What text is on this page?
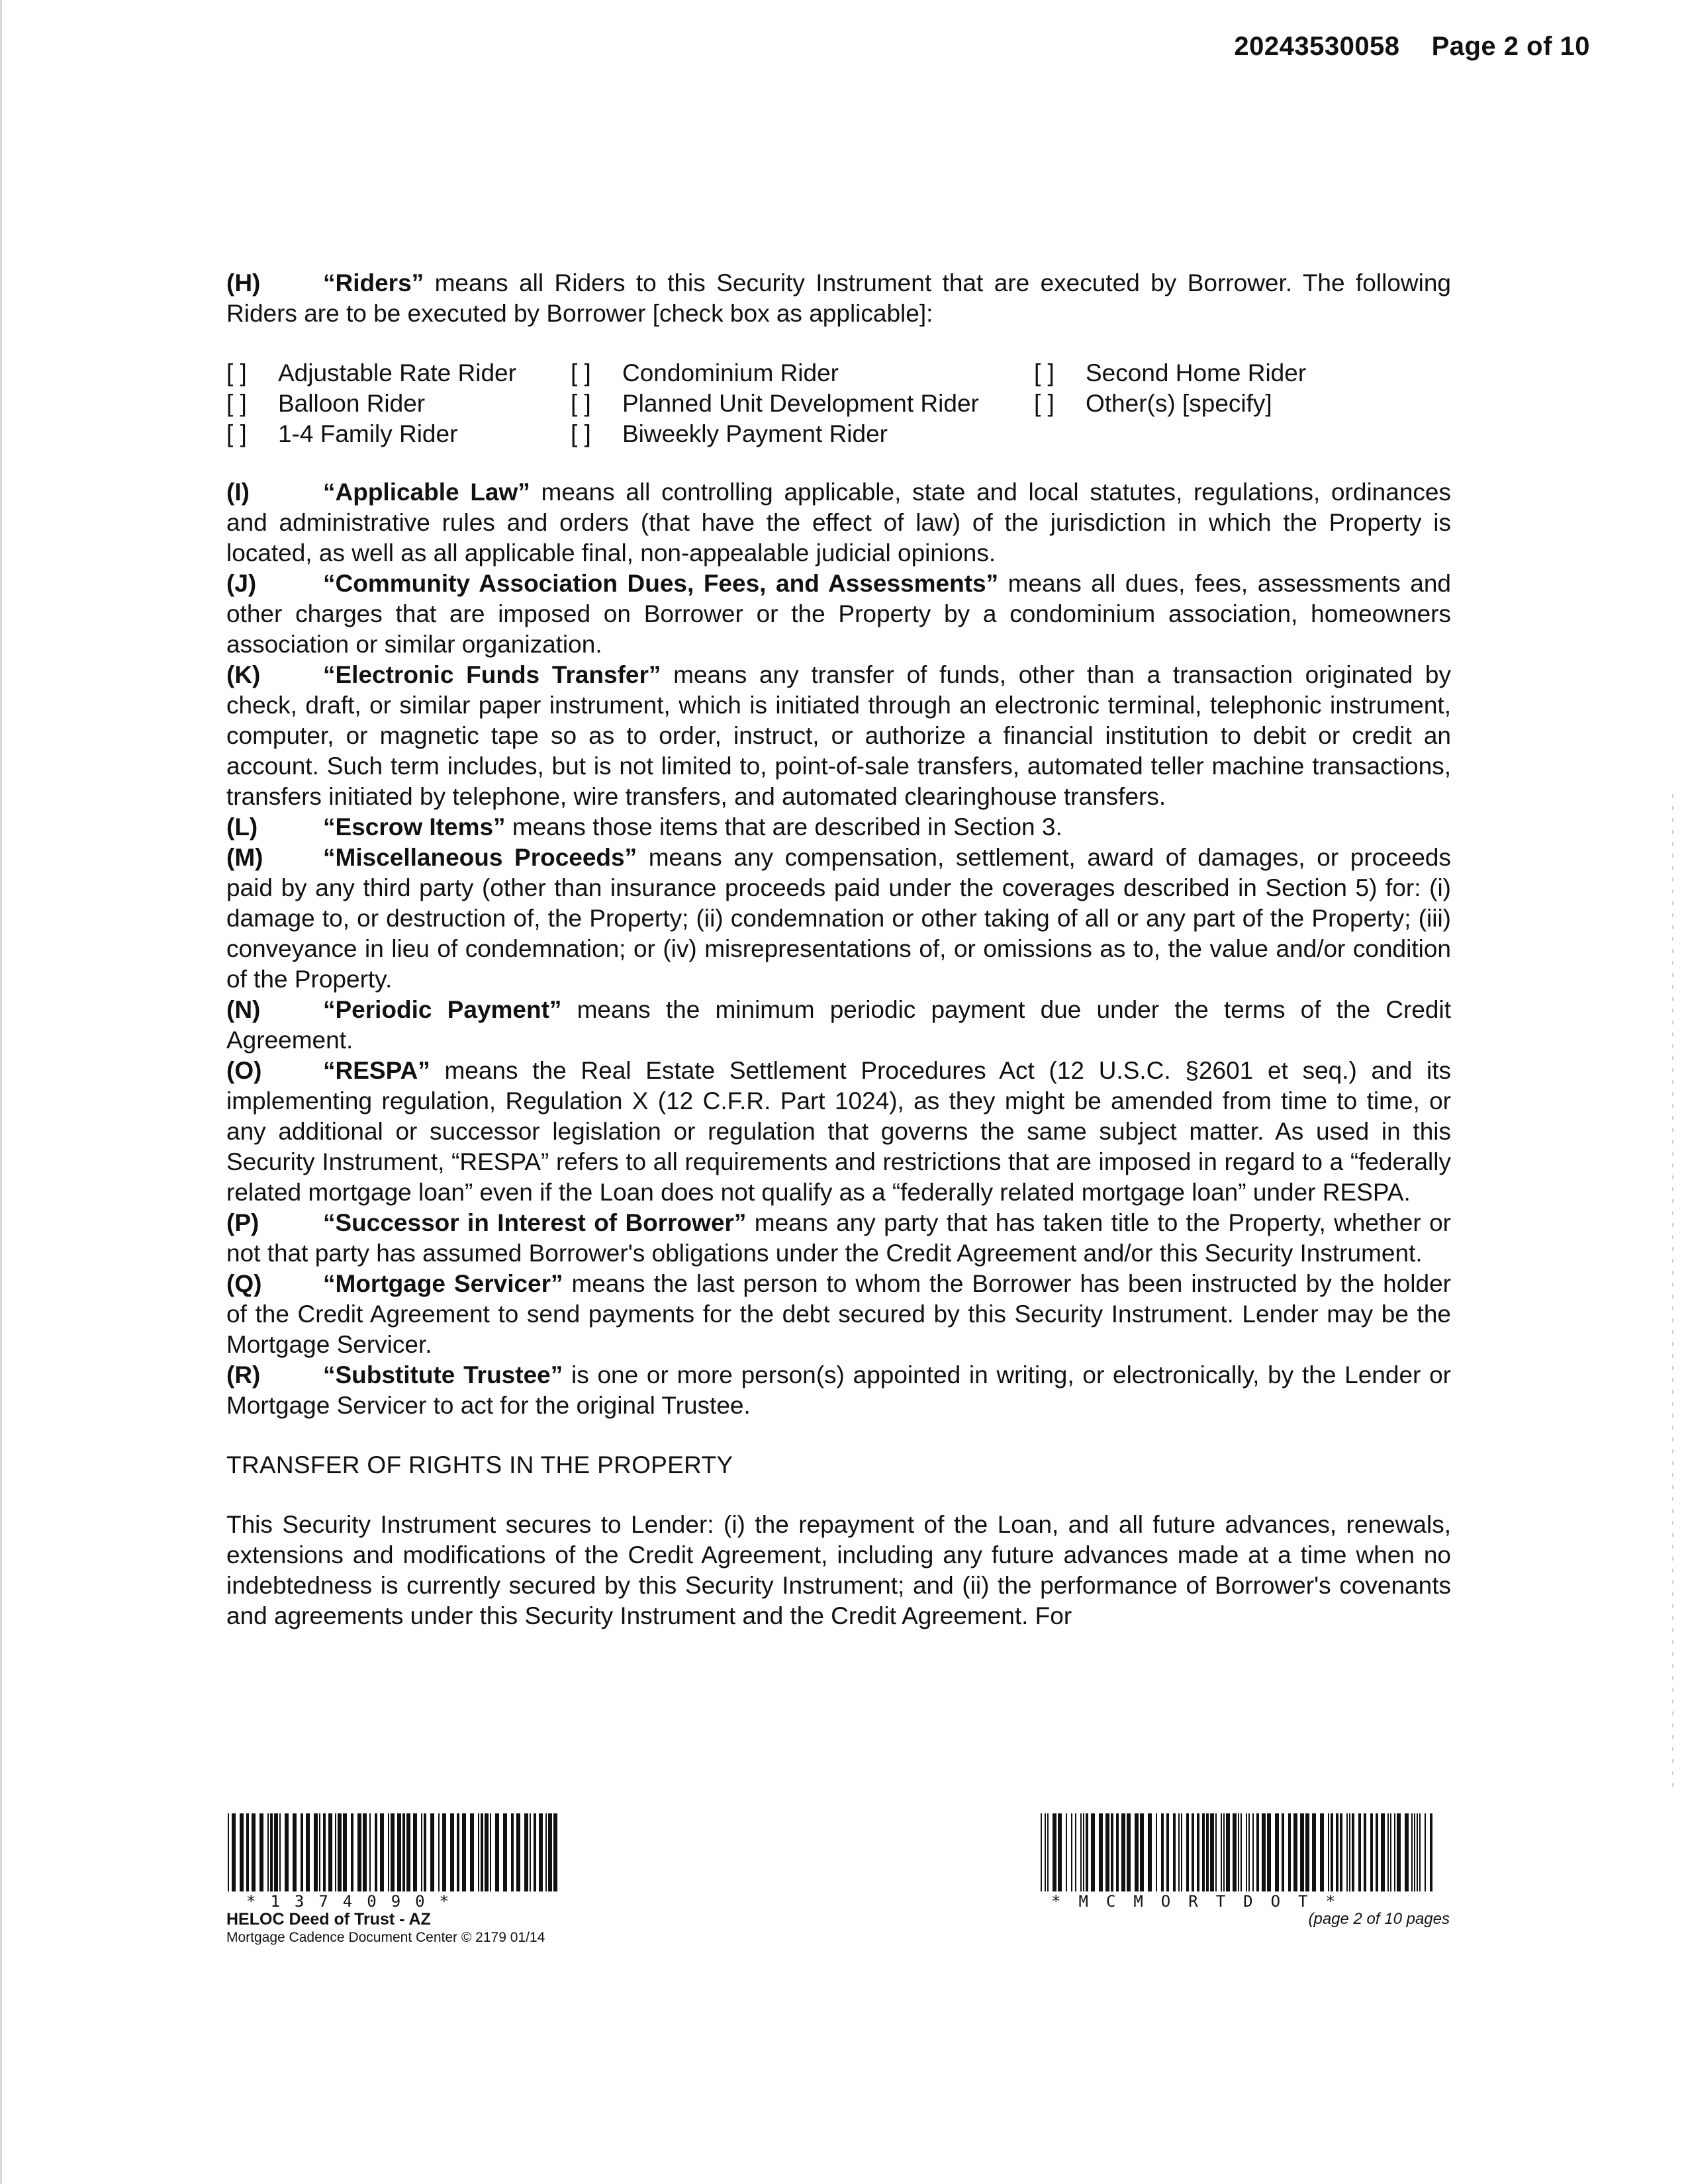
20243530058 Page 2 of 10

(H)	“Riders” means all Riders to this Security Instrument that are executed by Borrower. The following Riders are to be executed by Borrower [check box as applicable]:

[ ] Adjustable Rate Rider	[ ] Condominium Rider	[ ] Second Home Rider
[ ] Balloon Rider	[ ] Planned Unit Development Rider	[ ] Other(s) [specify]
[ ] 1-4 Family Rider	[ ] Biweekly Payment Rider

(I)	“Applicable Law” means all controlling applicable, state and local statutes, regulations, ordinances and administrative rules and orders (that have the effect of law) of the jurisdiction in which the Property is located, as well as all applicable final, non-appealable judicial opinions.

(J)	“Community Association Dues, Fees, and Assessments” means all dues, fees, assessments and other charges that are imposed on Borrower or the Property by a condominium association, homeowners association or similar organization.

(K)	“Electronic Funds Transfer” means any transfer of funds, other than a transaction originated by check, draft, or similar paper instrument, which is initiated through an electronic terminal, telephonic instrument, computer, or magnetic tape so as to order, instruct, or authorize a financial institution to debit or credit an account. Such term includes, but is not limited to, point-of-sale transfers, automated teller machine transactions, transfers initiated by telephone, wire transfers, and automated clearinghouse transfers.

(L)	“Escrow Items” means those items that are described in Section 3.

(M) “Miscellaneous Proceeds” means any compensation, settlement, award of damages, or proceeds paid by any third party (other than insurance proceeds paid under the coverages described in Section 5) for: (i) damage to, or destruction of, the Property; (ii) condemnation or other taking of all or any part of the Property; (iii) conveyance in lieu of condemnation; or (iv) misrepresentations of, or omissions as to, the value and/or condition of the Property.

(N)	“Periodic Payment” means the minimum periodic payment due under the terms of the Credit Agreement.

(O)	“RESPA” means the Real Estate Settlement Procedures Act (12 U.S.C. §2601 et seq.) and its implementing regulation, Regulation X (12 C.F.R. Part 1024), as they might be amended from time to time, or any additional or successor legislation or regulation that governs the same subject matter. As used in this Security Instrument, “RESPA” refers to all requirements and restrictions that are imposed in regard to a “federally related mortgage loan” even if the Loan does not qualify as a “federally related mortgage loan” under RESPA.

(P)	“Successor in Interest of Borrower” means any party that has taken title to the Property, whether or not that party has assumed Borrower's obligations under the Credit Agreement and/or this Security Instrument.

(Q)	“Mortgage Servicer” means the last person to whom the Borrower has been instructed by the holder of the Credit Agreement to send payments for the debt secured by this Security Instrument. Lender may be the Mortgage Servicer.

(R)	“Substitute Trustee” is one or more person(s) appointed in writing, or electronically, by the Lender or Mortgage Servicer to act for the original Trustee.

TRANSFER OF RIGHTS IN THE PROPERTY

This Security Instrument secures to Lender: (i) the repayment of the Loan, and all future advances, renewals, extensions and modifications of the Credit Agreement, including any future advances made at a time when no indebtedness is currently secured by this Security Instrument; and (ii) the performance of Borrower's covenants and agreements under this Security Instrument and the Credit Agreement. For

*1374090*
HELOC Deed of Trust - AZ
Mortgage Cadence Document Center © 2179 01/14
*MCMORTDOT*
(page 2 of 10 pages
